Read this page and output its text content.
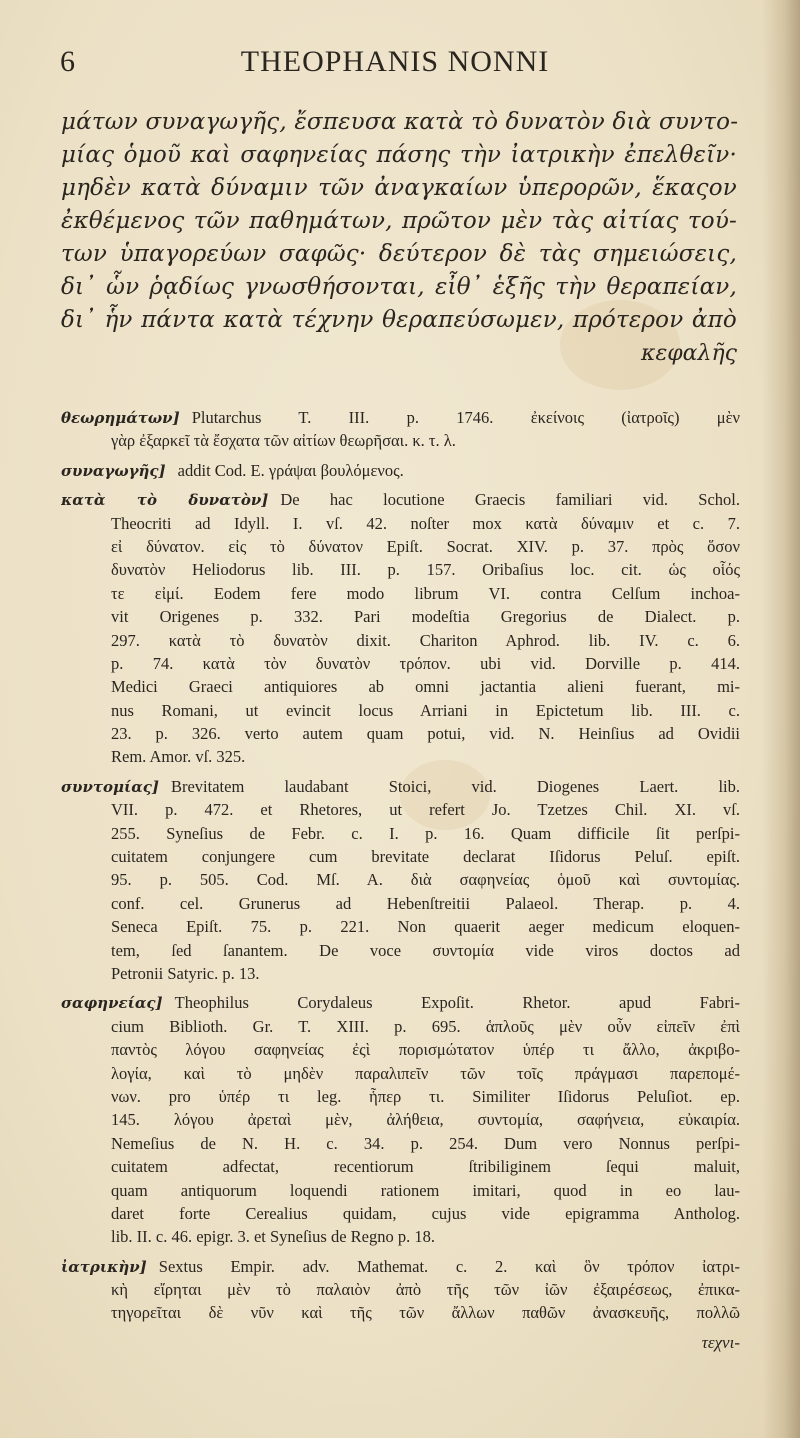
6	THEOPHANIS NONNI
μάτων συναγωγῆς, ἔσπευσα κατὰ τὸ δυνατὸν διὰ συντο-
μίας ὁμοῦ καὶ σαφηνείας πάσης τὴν ἰατρικὴν ἐπελθεῖν·
μηδὲν κατὰ δύναμιν τῶν ἀναγκαίων ὑπερορῶν, ἕκαςον
ἐκθέμενος τῶν παθημάτων, πρῶτον μὲν τὰς αἰτίας τού-
των ὑπαγορεύων σαφῶς· δεύτερον δὲ τὰς σημειώσεις,
δι᾽ ὧν ῥᾳδίως γνωσθήσονται, εἶθ᾽ ἑξῆς τὴν θεραπείαν,
δι᾽ ἧν πάντα κατὰ τέχνην θεραπεύσωμεν, πρότερον ἀπὸ
κεφαλῆς
θεωρημάτων] Plutarchus T. III. p. 1746. ἐκείνοις (ἰατροῖς) μὲν
γὰρ ἐξαρκεῖ τὰ ἔσχατα τῶν αἰτίων θεωρῆσαι. κ. τ. λ.
συναγωγῆς] addit Cod. E. γράψαι βουλόμενος.
κατὰ τὸ δυνατὸν] De hac locutione Graecis familiari vid. Schol.
Theocriti ad Idyll. I. vſ. 42. noſter mox κατὰ δύναμιν et c. 7.
εἰ δύνατον. εἰς τὸ δύνατον Epiſt. Socrat. XIV. p. 37. πρὸς ὅσον
δυνατὸν Heliodorus lib. III. p. 157. Oribaſius loc. cit. ὡς οἷός
τε εἰμί. Eodem fere modo librum VI. contra Celſum inchoa-
vit Origenes p. 332. Pari modeſtia Gregorius de Dialect. p.
297. κατὰ τὸ δυνατὸν dixit. Chariton Aphrod. lib. IV. c. 6.
p. 74. κατὰ τὸν δυνατὸν τρόπον. ubi vid. Dorville p. 414.
Medici Graeci antiquiores ab omni jactantia alieni fuerant, mi-
nus Romani, ut evincit locus Arriani in Epictetum lib. III. c.
23. p. 326. verto autem quam potui, vid. N. Heinſius ad Ovidii
Rem. Amor. vſ. 325.
συντομίας] Brevitatem laudabant Stoici, vid. Diogenes Laert. lib.
VII. p. 472. et Rhetores, ut refert Jo. Tzetzes Chil. XI. vſ.
255. Syneſius de Febr. c. I. p. 16. Quam difficile ſit perſpi-
cuitatem conjungere cum brevitate declarat Iſidorus Peluſ. epiſt.
95. p. 505. Cod. Mſ. A. διὰ σαφηνείας ὁμοῦ καὶ συντομίας.
conf. cel. Grunerus ad Hebenſtreitii Palaeol. Therap. p. 4.
Seneca Epiſt. 75. p. 221. Non quaerit aeger medicum eloquen-
tem, ſed ſanantem. De voce συντομία vide viros doctos ad
Petronii Satyric. p. 13.
σαφηνείας] Theophilus Corydaleus Expoſit. Rhetor. apud Fabri-
cium Biblioth. Gr. T. XIII. p. 695. ἁπλοῦς μὲν οὖν εἰπεῖν ἐπὶ
παντὸς λόγου σαφηνείας ἐςὶ πορισμώτατον ὑπέρ τι ἄλλο, ἀκριβο-
λογία, καὶ τὸ μηδὲν παραλιπεῖν τῶν τοῖς πράγμασι παρεπομέ-
νων. pro ὑπέρ τι leg. ἧπερ τι. Similiter Iſidorus Peluſiot. ep.
145. λόγου ἀρεταὶ μὲν, ἀλήθεια, συντομία, σαφήνεια, εὐκαιρία.
Nemeſius de N. H. c. 34. p. 254. Dum vero Nonnus perſpi-
cuitatem adfectat, recentiorum ſtribiliginem ſequi maluit,
quam antiquorum loquendi rationem imitari, quod in eo lau-
daret forte Cerealius quidam, cujus vide epigramma Antholog.
lib. II. c. 46. epigr. 3. et Syneſius de Regno p. 18.
ἰατρικὴν] Sextus Empir. adv. Mathemat. c. 2. καὶ ὃν τρόπον ἰατρι-
κὴ εἴρηται μὲν τὸ παλαιὸν ἀπὸ τῆς τῶν ἰῶν ἐξαιρέσεως, ἐπικα-
τηγορεῖται δὲ νῦν καὶ τῆς τῶν ἄλλων παθῶν ἀνασκευῆς, πολλῶ
τεχνι-
